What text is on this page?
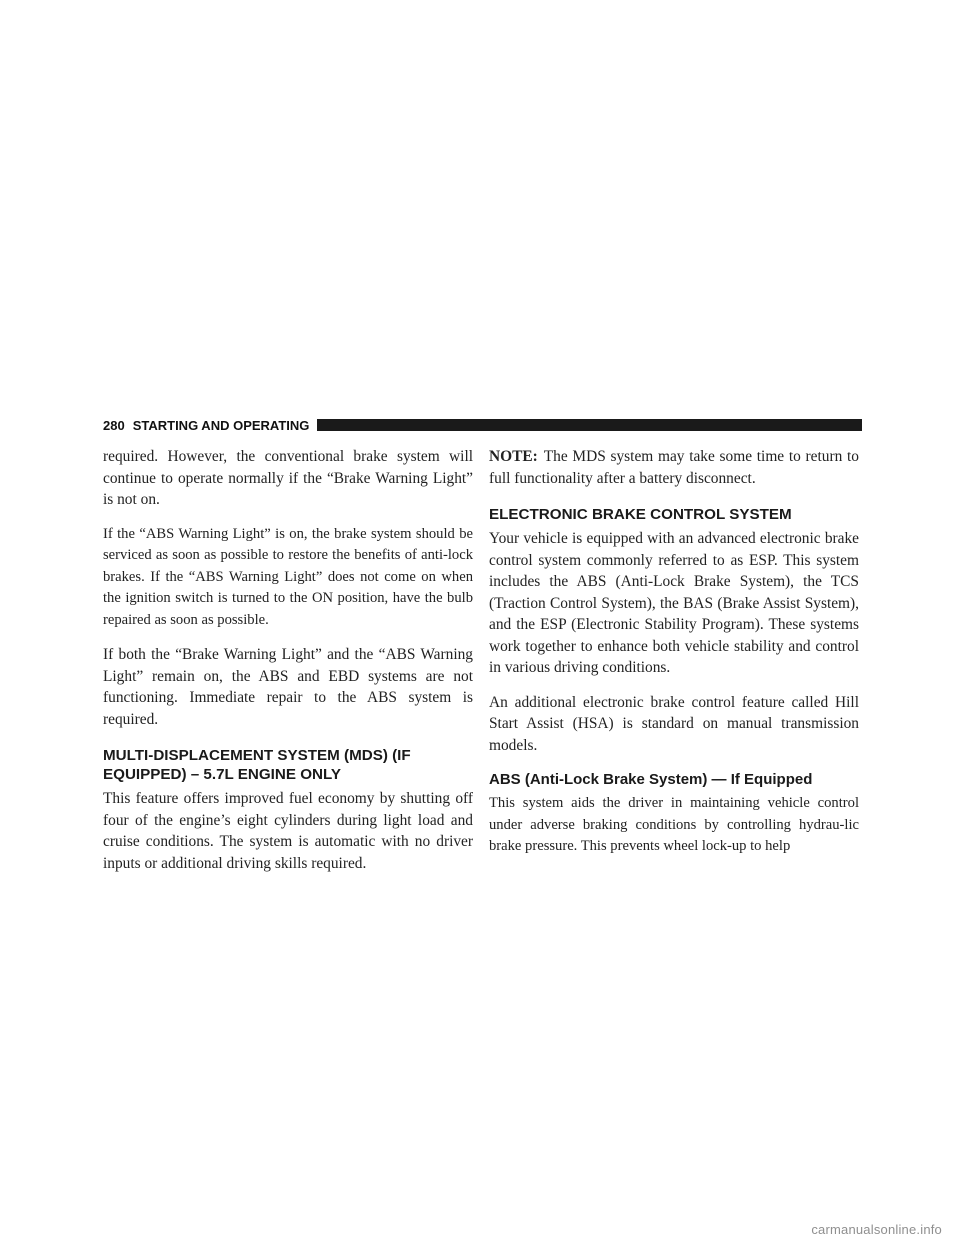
280 STARTING AND OPERATING

required. However, the conventional brake system will continue to operate normally if the “Brake Warning Light” is not on.

If the “ABS Warning Light” is on, the brake system should be serviced as soon as possible to restore the benefits of anti-lock brakes. If the “ABS Warning Light” does not come on when the ignition switch is turned to the ON position, have the bulb repaired as soon as possible.

If both the “Brake Warning Light” and the “ABS Warning Light” remain on, the ABS and EBD systems are not functioning. Immediate repair to the ABS system is required.

MULTI-DISPLACEMENT SYSTEM (MDS) (IF EQUIPPED) – 5.7L ENGINE ONLY

This feature offers improved fuel economy by shutting off four of the engine’s eight cylinders during light load and cruise conditions. The system is automatic with no driver inputs or additional driving skills required.

NOTE: The MDS system may take some time to return to full functionality after a battery disconnect.

ELECTRONIC BRAKE CONTROL SYSTEM

Your vehicle is equipped with an advanced electronic brake control system commonly referred to as ESP. This system includes the ABS (Anti-Lock Brake System), the TCS (Traction Control System), the BAS (Brake Assist System), and the ESP (Electronic Stability Program). These systems work together to enhance both vehicle stability and control in various driving conditions.

An additional electronic brake control feature called Hill Start Assist (HSA) is standard on manual transmission models.

ABS (Anti-Lock Brake System) — If Equipped

This system aids the driver in maintaining vehicle control under adverse braking conditions by controlling hydrau-lic brake pressure. This prevents wheel lock-up to help

carmanualsonline.info
